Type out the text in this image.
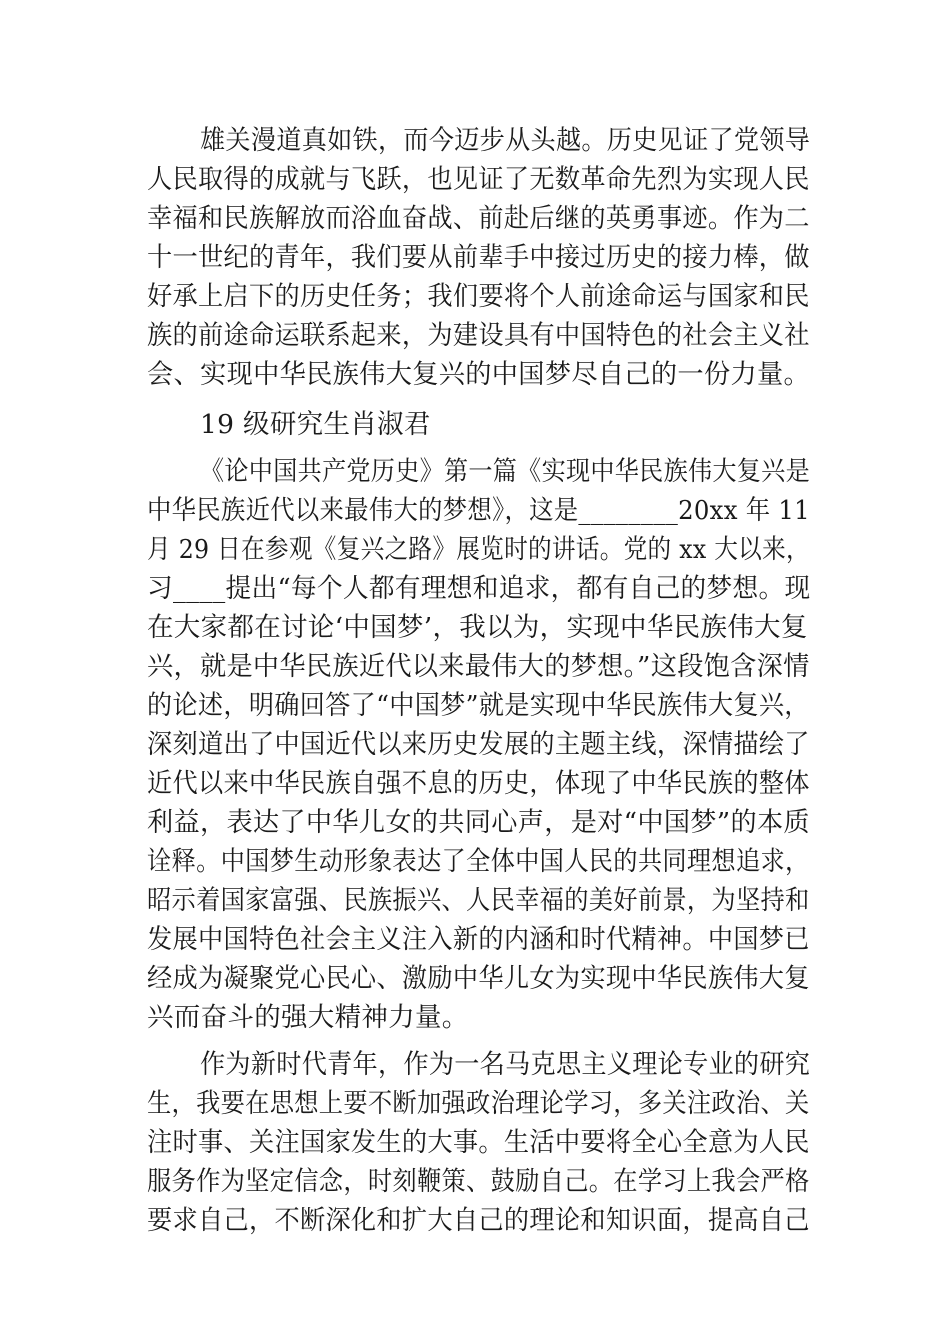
雄关漫道真如铁，而今迈步从头越。历史见证了党领导
人民取得的成就与飞跃，也见证了无数革命先烈为实现人民
幸福和民族解放而浴血奋战、前赴后继的英勇事迹。作为二
十一世纪的青年，我们要从前辈手中接过历史的接力棒，做
好承上启下的历史任务；我们要将个人前途命运与国家和民
族的前途命运联系起来，为建设具有中国特色的社会主义社
会、实现中华民族伟大复兴的中国梦尽自己的一份力量。
19 级研究生肖淑君
《论中国共产党历史》第一篇《实现中华民族伟大复兴是
中华民族近代以来最伟大的梦想》，这是________20xx 年 11
月 29 日在参观《复兴之路》展览时的讲话。党的 xx 大以来，
习____提出“每个人都有理想和追求，都有自己的梦想。现
在大家都在讨论‘中国梦’，我以为，实现中华民族伟大复
兴，就是中华民族近代以来最伟大的梦想。”这段饱含深情
的论述，明确回答了“中国梦”就是实现中华民族伟大复兴，
深刻道出了中国近代以来历史发展的主题主线，深情描绘了
近代以来中华民族自强不息的历史，体现了中华民族的整体
利益，表达了中华儿女的共同心声，是对“中国梦”的本质
诠释。中国梦生动形象表达了全体中国人民的共同理想追求，
昭示着国家富强、民族振兴、人民幸福的美好前景，为坚持和
发展中国特色社会主义注入新的内涵和时代精神。中国梦已
经成为凝聚党心民心、激励中华儿女为实现中华民族伟大复
兴而奋斗的强大精神力量。
作为新时代青年，作为一名马克思主义理论专业的研究
生，我要在思想上要不断加强政治理论学习，多关注政治、关
注时事、关注国家发生的大事。生活中要将全心全意为人民
服务作为坚定信念，时刻鞭策、鼓励自己。在学习上我会严格
要求自己，不断深化和扩大自己的理论和知识面，提高自己
